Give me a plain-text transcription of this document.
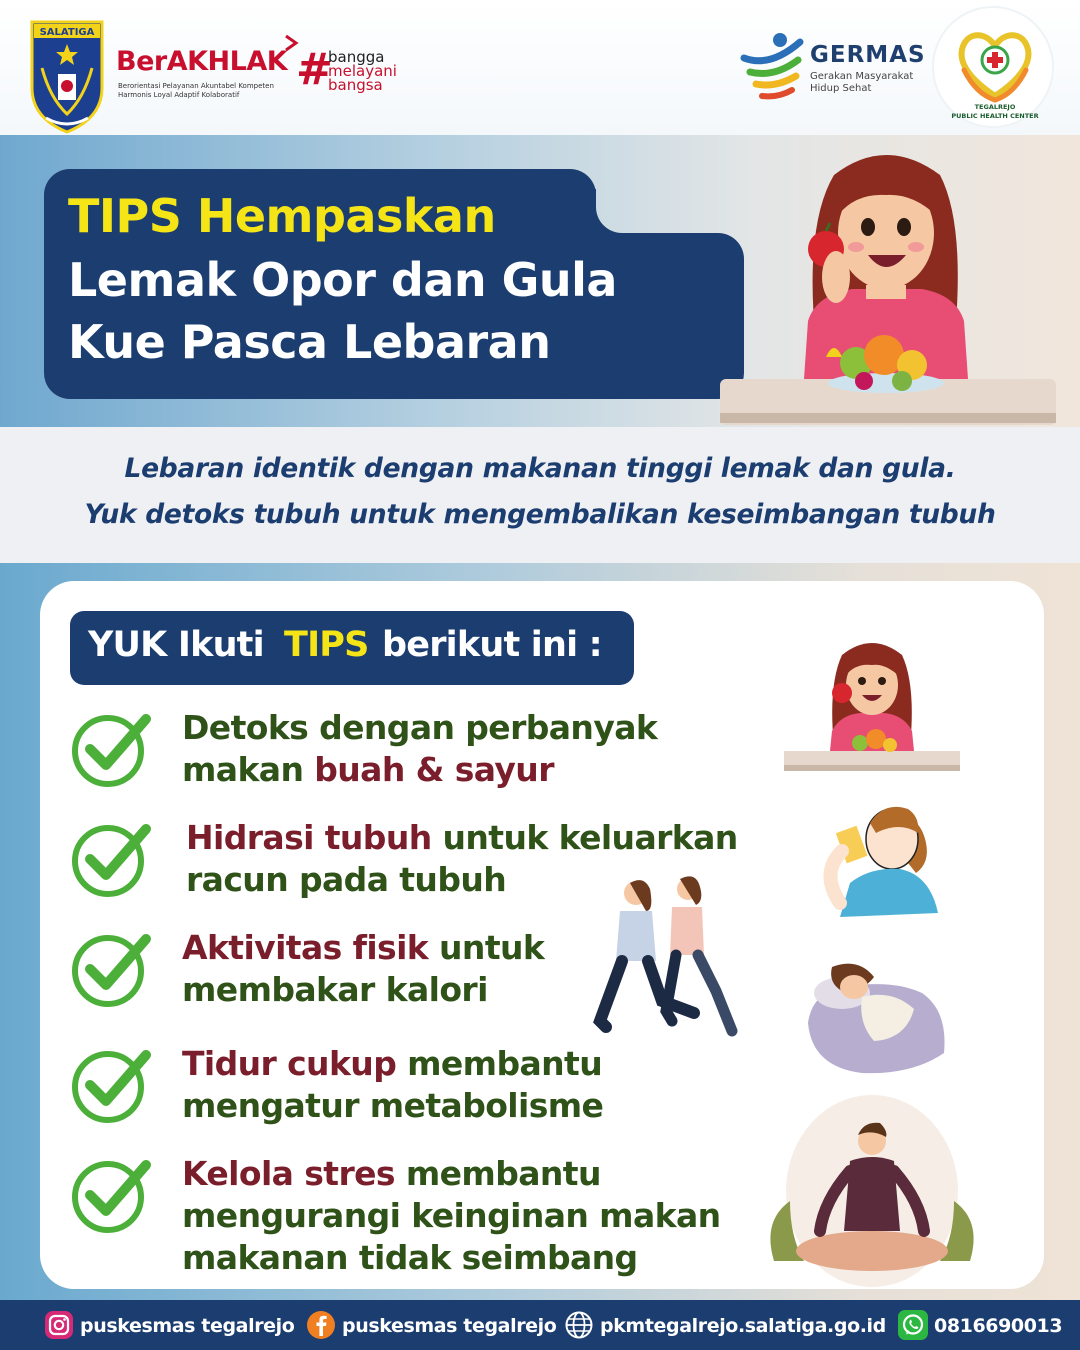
SALATIGA
BerAKHLAK
Berorientasi Pelayanan Akuntabel Kompeten
Harmonis Loyal Adaptif Kolaboratif	#
bangga
melayani
bangsa
GERMAS
Gerakan Masyarakat
Hidup Sehat
TEGALREJO
PUBLIC HEALTH CENTER
TIPS Hempaskan
Lemak Opor dan Gula
Kue Pasca Lebaran

Lebaran identik dengan makanan tinggi lemak dan gula.

Yuk detoks tubuh untuk mengembalikan keseimbangan tubuh

YUK Ikuti TIPS berikut ini :
Detoks dengan perbanyak
makan buah & sayur
Hidrasi tubuh untuk keluarkan
racun pada tubuh
Aktivitas fisik untuk
membakar kalori
Tidur cukup membantu
mengatur metabolisme
Kelola stres membantu
mengurangi keinginan makan
makanan tidak seimbang
puskesmas tegalrejo	puskesmas tegalrejo pkmtegalrejo.salatiga.go.id	0816690013
